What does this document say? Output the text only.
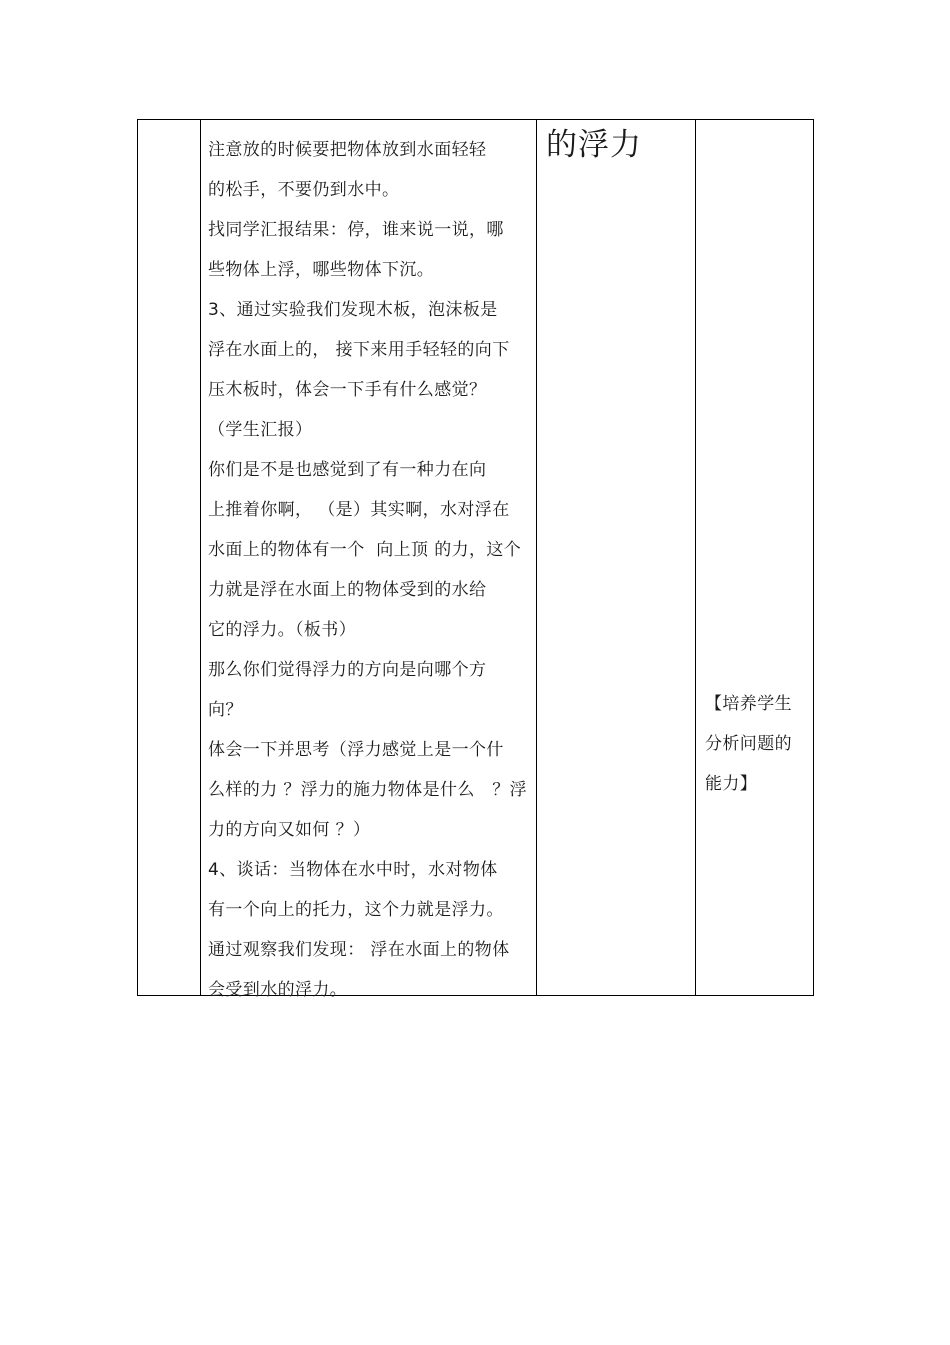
注意放的时候要把物体放到水面轻轻
的松手，不要仍到水中。
找同学汇报结果：停，谁来说一说，哪
些物体上浮，哪些物体下沉。
3、通过实验我们发现木板，泡沫板是
浮在水面上的， 接下来用手轻轻的向下
压木板时，体会一下手有什么感觉？
（学生汇报）
你们是不是也感觉到了有一种力在向
上推着你啊， （是）其实啊，水对浮在
水面上的物体有一个  向上顶 的力，这个
力就是浮在水面上的物体受到的水给
它的浮力。（板书）
那么你们觉得浮力的方向是向哪个方
向？
体会一下并思考（浮力感觉上是一个什
么样的力 ？浮力的施力物体是什么   ？浮
力的方向又如何 ？）
4、谈话：当物体在水中时，水对物体
有一个向上的托力，这个力就是浮力。
通过观察我们发现： 浮在水面上的物体
会受到水的浮力。
的浮力
【培养学生
分析问题的
能力】
